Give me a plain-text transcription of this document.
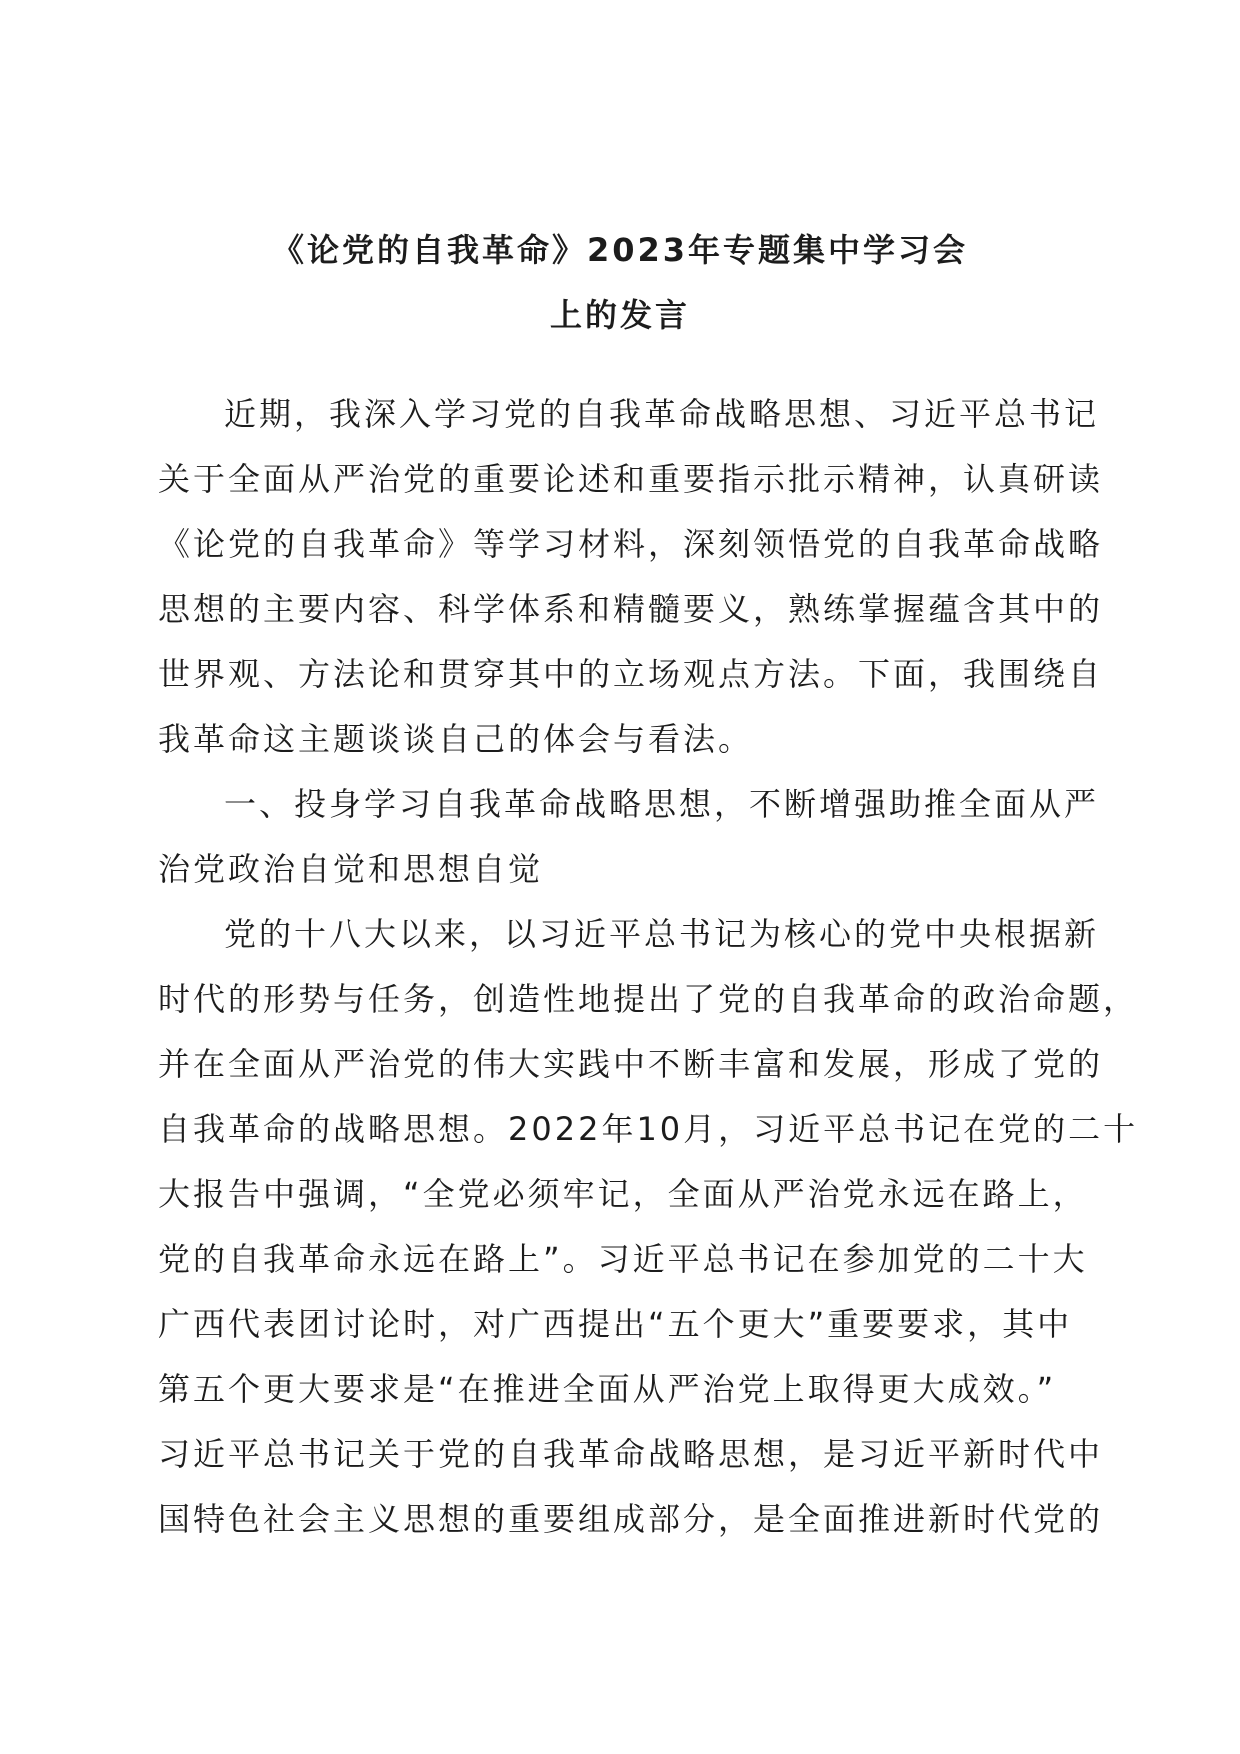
《论党的自我革命》2023年专题集中学习会
上的发言
近期，我深入学习党的自我革命战略思想、习近平总书记
关于全面从严治党的重要论述和重要指示批示精神，认真研读
《论党的自我革命》等学习材料，深刻领悟党的自我革命战略
思想的主要内容、科学体系和精髓要义，熟练掌握蕴含其中的
世界观、方法论和贯穿其中的立场观点方法。下面，我围绕自
我革命这主题谈谈自己的体会与看法。
一、投身学习自我革命战略思想，不断增强助推全面从严
治党政治自觉和思想自觉
党的十八大以来，以习近平总书记为核心的党中央根据新
时代的形势与任务，创造性地提出了党的自我革命的政治命题，
并在全面从严治党的伟大实践中不断丰富和发展，形成了党的
自我革命的战略思想。2022年10月，习近平总书记在党的二十
大报告中强调，“全党必须牢记，全面从严治党永远在路上，
党的自我革命永远在路上”。习近平总书记在参加党的二十大
广西代表团讨论时，对广西提出“五个更大”重要要求，其中
第五个更大要求是“在推进全面从严治党上取得更大成效。”
习近平总书记关于党的自我革命战略思想，是习近平新时代中
国特色社会主义思想的重要组成部分，是全面推进新时代党的
